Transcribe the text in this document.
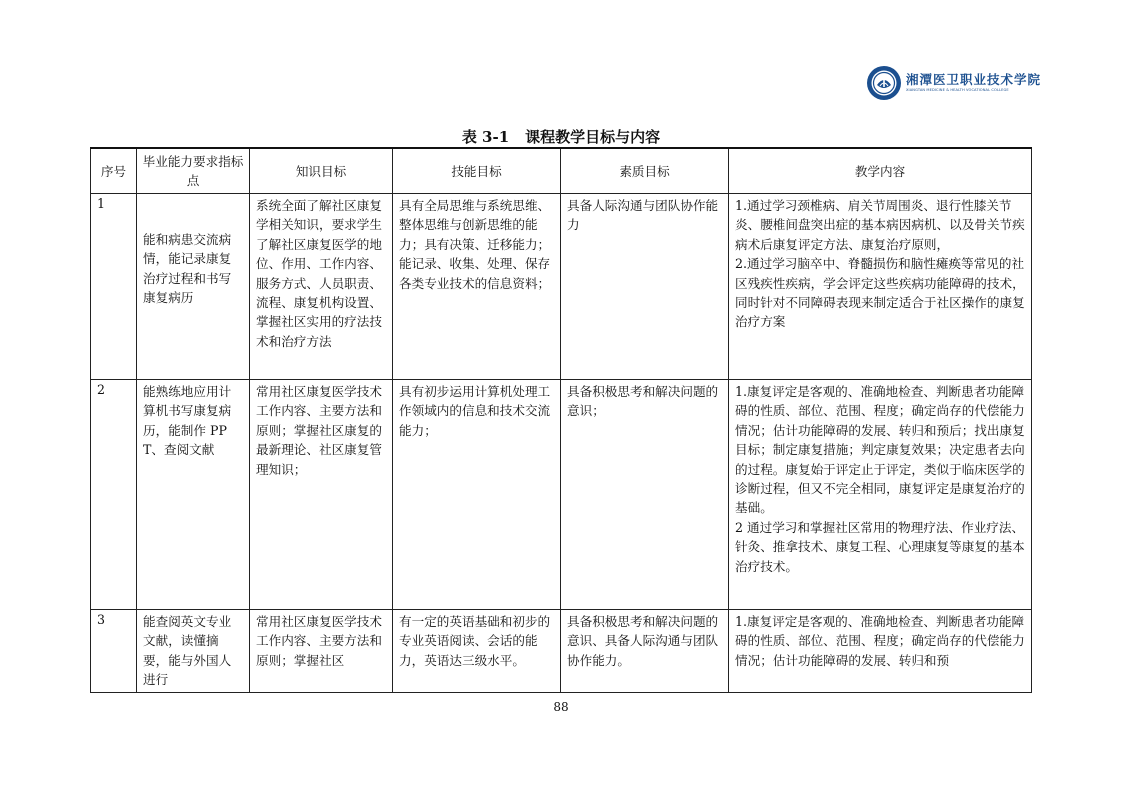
湘潭医卫职业技术学院
XIANGTAN MEDICINE & HEALTH VOCATIONAL COLLEGE
表 3-1 课程教学目标与内容
序号	毕业能力要求指标点	知识目标	技能目标	素质目标	教学内容
1	能和病患交流病情，能记录康复治疗过程和书写康复病历	系统全面了解社区康复学相关知识，要求学生了解社区康复医学的地位、作用、工作内容、服务方式、人员职责、流程、康复机构设置、掌握社区实用的疗法技术和治疗方法	具有全局思维与系统思维、整体思维与创新思维的能力；具有决策、迁移能力；能记录、收集、处理、保存各类专业技术的信息资料；	具备人际沟通与团队协作能力	1.通过学习颈椎病、肩关节周围炎、退行性膝关节炎、腰椎间盘突出症的基本病因病机、以及骨关节疾病术后康复评定方法、康复治疗原则，
2.通过学习脑卒中、脊髓损伤和脑性瘫痪等常见的社区残疾性疾病，学会评定这些疾病功能障碍的技术，同时针对不同障碍表现来制定适合于社区操作的康复治疗方案

2	能熟练地应用计算机书写康复病历，能制作 PPT、查阅文献	常用社区康复医学技术工作内容、主要方法和原则；掌握社区康复的最新理论、社区康复管理知识；	具有初步运用计算机处理工作领域内的信息和技术交流能力；	具备积极思考和解决问题的意识；	1.康复评定是客观的、准确地检查、判断患者功能障碍的性质、部位、范围、程度；确定尚存的代偿能力情况；估计功能障碍的发展、转归和预后；找出康复目标；制定康复措施；判定康复效果；决定患者去向的过程。康复始于评定止于评定，类似于临床医学的诊断过程，但又不完全相同，康复评定是康复治疗的基础。
2 通过学习和掌握社区常用的物理疗法、作业疗法、针灸、推拿技术、康复工程、心理康复等康复的基本治疗技术。

3	能查阅英文专业文献，读懂摘要，能与外国人进行	常用社区康复医学技术工作内容、主要方法和原则；掌握社区	有一定的英语基础和初步的专业英语阅读、会话的能力，英语达三级水平。	具备积极思考和解决问题的意识、具备人际沟通与团队协作能力。	1.康复评定是客观的、准确地检查、判断患者功能障碍的性质、部位、范围、程度；确定尚存的代偿能力情况；估计功能障碍的发展、转归和预
88
